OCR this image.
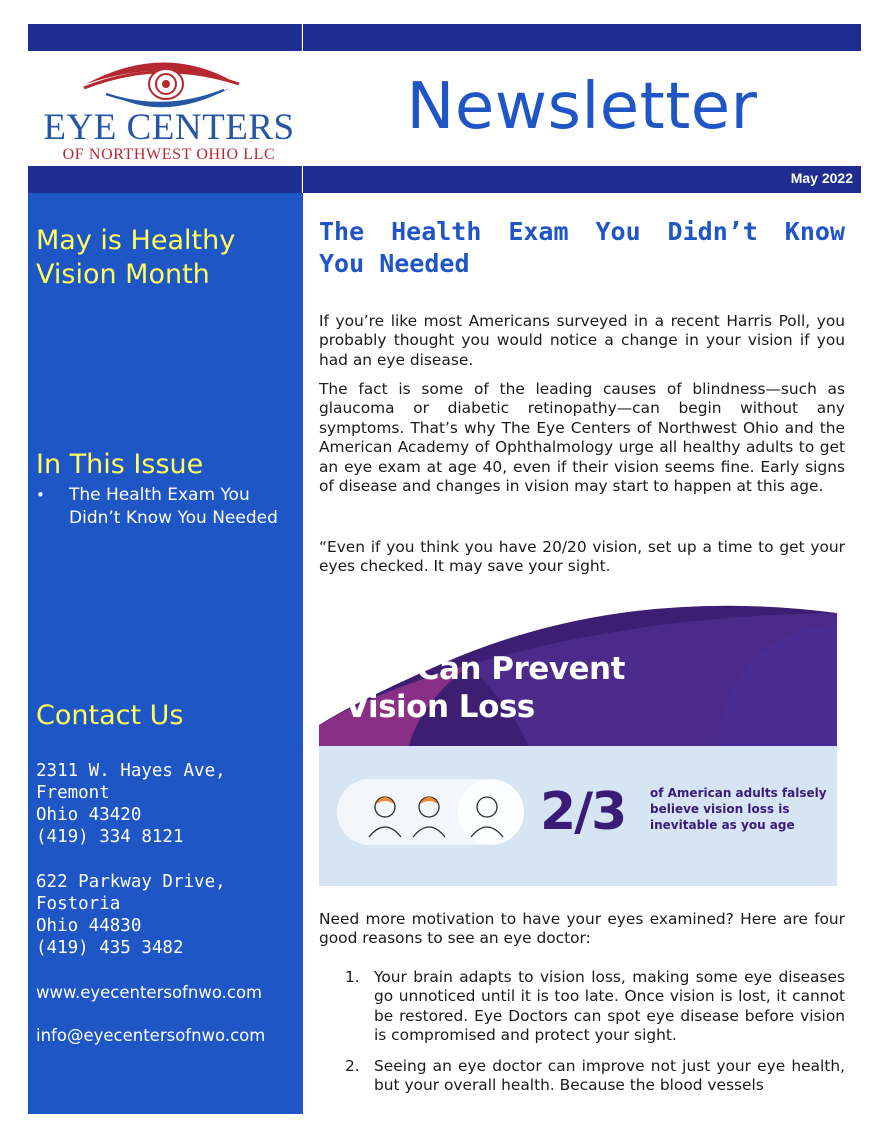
EYE CENTERS
OF NORTHWEST OHIO LLC
Newsletter
May 2022
May is Healthy Vision Month
In This Issue
• The Health Exam You Didn’t Know You Needed
Contact Us
2311 W. Hayes Ave,
Fremont
Ohio 43420
(419) 334 8121
622 Parkway Drive,
Fostoria
Ohio 44830
(419) 435 3482
www.eyecentersofnwo.com
info@eyecentersofnwo.com
The Health Exam You Didn’t Know You Needed

If you’re like most Americans surveyed in a recent Harris Poll, you probably thought you would notice a change in your vision if you had an eye disease.

The fact is some of the leading causes of blindness—such as glaucoma or diabetic retinopathy—can begin without any symptoms. That’s why The Eye Centers of Northwest Ohio and the American Academy of Ophthalmology urge all healthy adults to get an eye exam at age 40, even if their vision seems fine. Early signs of disease and changes in vision may start to happen at this age.

“Even if you think you have 20/20 vision, set up a time to get your eyes checked. It may save your sight.

You Can Prevent
Vision Loss
2/3 of American adults falsely believe vision loss is inevitable as you age

Need more motivation to have your eyes examined? Here are four good reasons to see an eye doctor:

1. Your brain adapts to vision loss, making some eye diseases go unnoticed until it is too late. Once vision is lost, it cannot be restored. Eye Doctors can spot eye disease before vision is compromised and protect your sight.
2. Seeing an eye doctor can improve not just your eye health, but your overall health. Because the blood vessels
